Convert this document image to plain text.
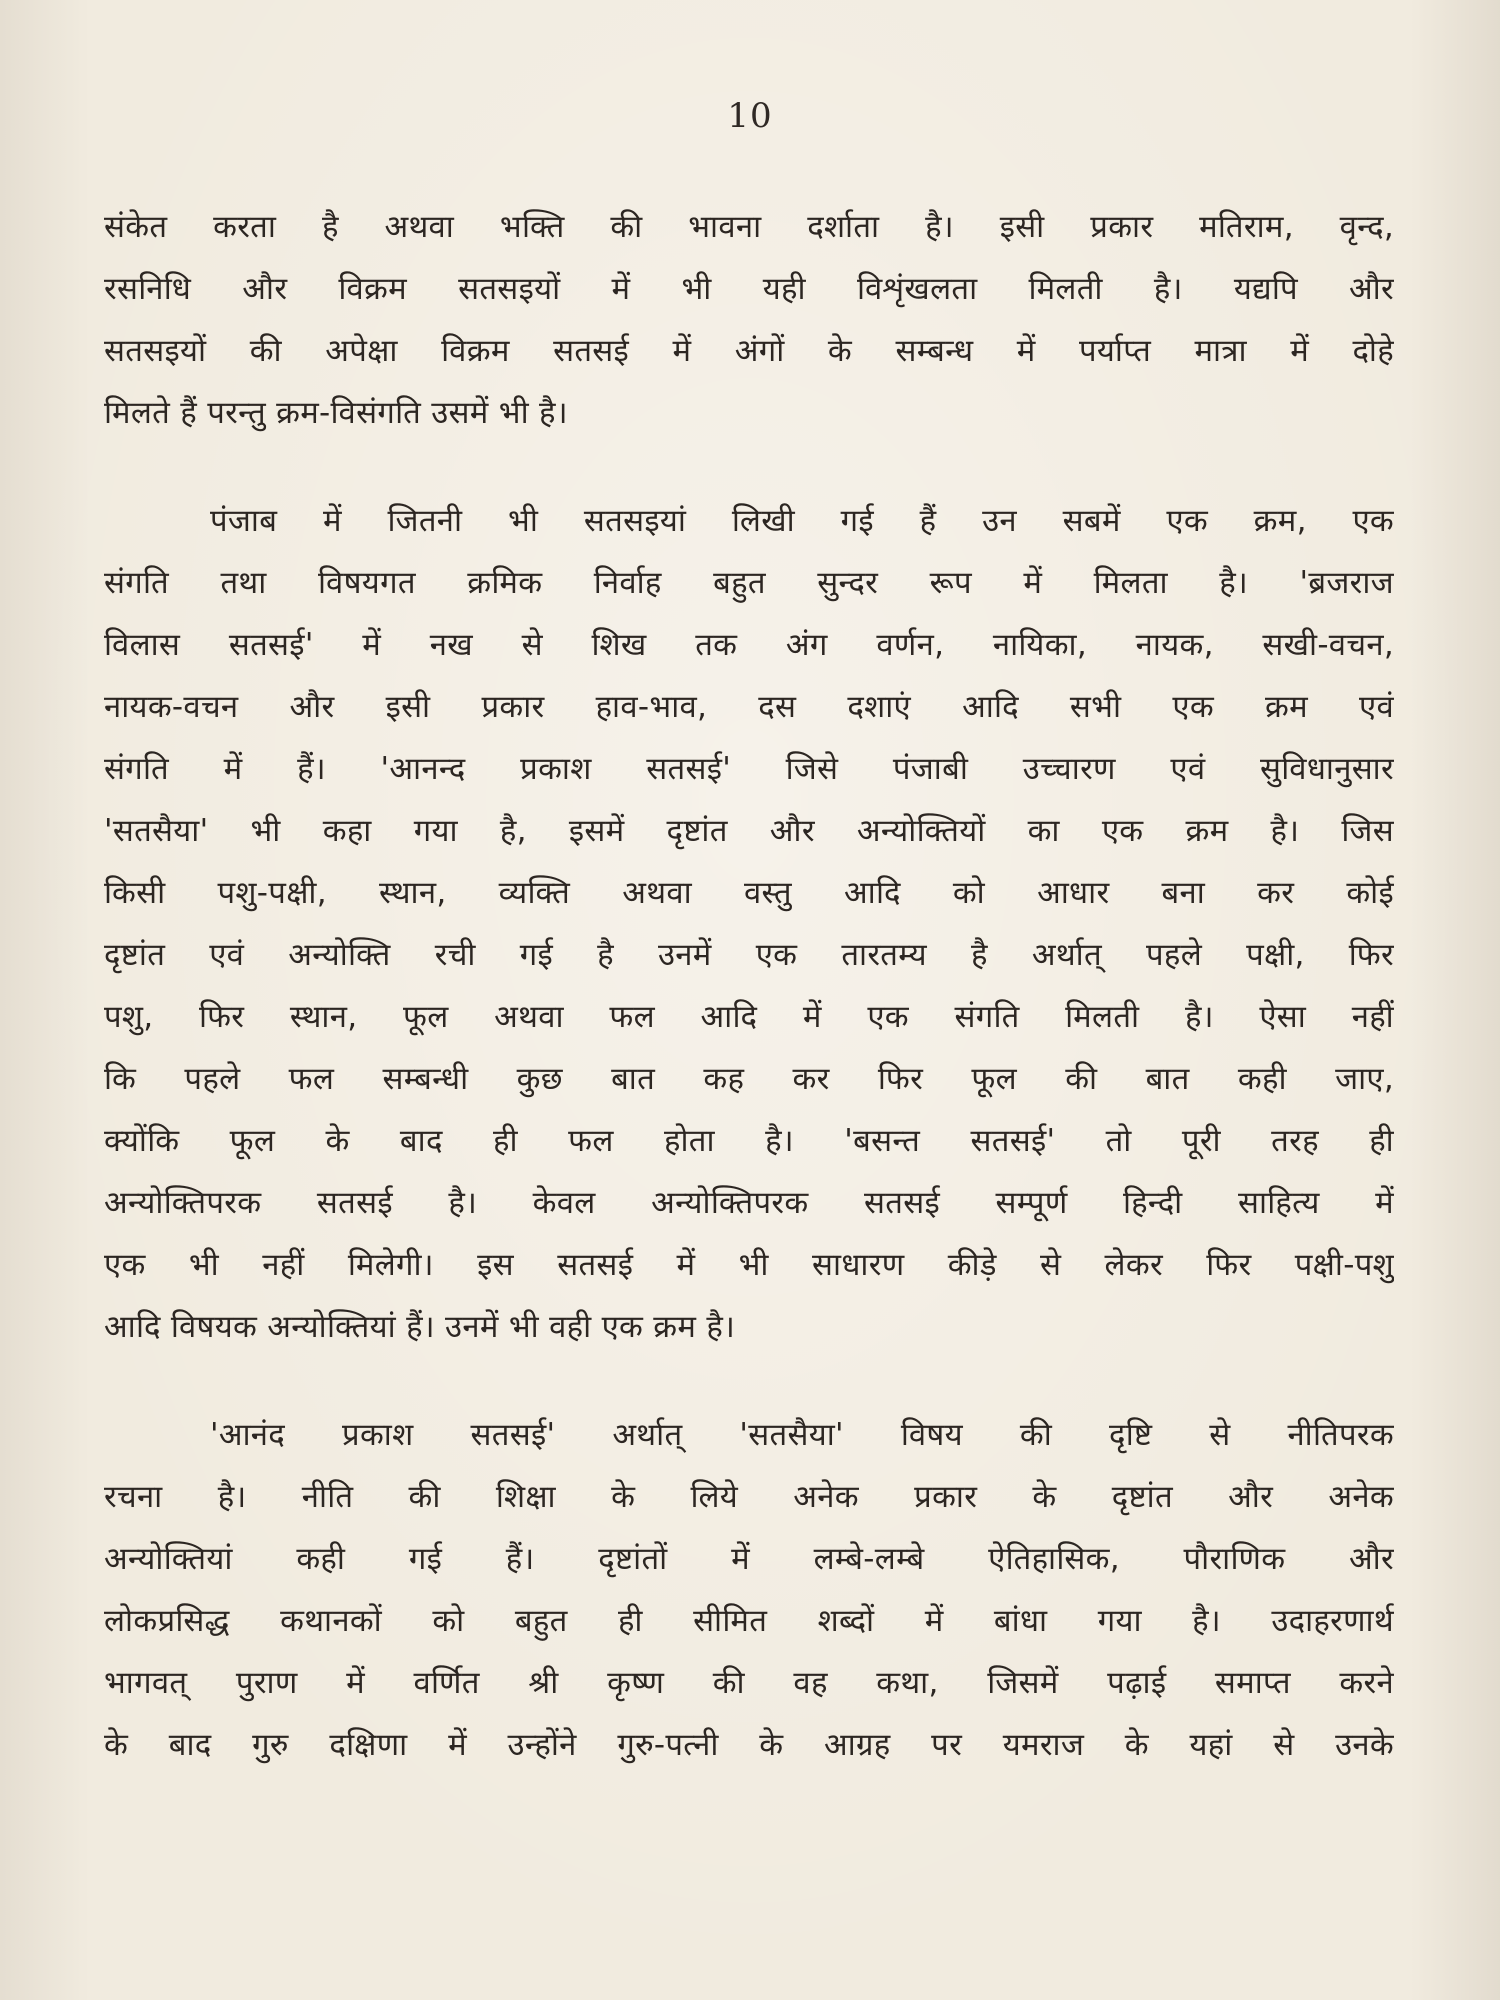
10
संकेत करता है अथवा भक्ति की भावना दर्शाता है। इसी प्रकार मतिराम, वृन्द,
रसनिधि और विक्रम सतसइयों में भी यही विशृंखलता मिलती है। यद्यपि और
सतसइयों की अपेक्षा विक्रम सतसई में अंगों के सम्बन्ध में पर्याप्त मात्रा में दोहे
मिलते हैं परन्तु क्रम-विसंगति उसमें भी है।
पंजाब में जितनी भी सतसइयां लिखी गई हैं उन सबमें एक क्रम, एक
संगति तथा विषयगत क्रमिक निर्वाह बहुत सुन्दर रूप में मिलता है। 'ब्रजराज
विलास सतसई' में नख से शिख तक अंग वर्णन, नायिका, नायक, सखी-वचन,
नायक-वचन और इसी प्रकार हाव-भाव, दस दशाएं आदि सभी एक क्रम एवं
संगति में हैं। 'आनन्द प्रकाश सतसई' जिसे पंजाबी उच्चारण एवं सुविधानुसार
'सतसैया' भी कहा गया है, इसमें दृष्टांत और अन्योक्तियों का एक क्रम है। जिस
किसी पशु-पक्षी, स्थान, व्यक्ति अथवा वस्तु आदि को आधार बना कर कोई
दृष्टांत एवं अन्योक्ति रची गई है उनमें एक तारतम्य है अर्थात् पहले पक्षी, फिर
पशु, फिर स्थान, फूल अथवा फल आदि में एक संगति मिलती है। ऐसा नहीं
कि पहले फल सम्बन्धी कुछ बात कह कर फिर फूल की बात कही जाए,
क्योंकि फूल के बाद ही फल होता है। 'बसन्त सतसई' तो पूरी तरह ही
अन्योक्तिपरक सतसई है। केवल अन्योक्तिपरक सतसई सम्पूर्ण हिन्दी साहित्य में
एक भी नहीं मिलेगी। इस सतसई में भी साधारण कीड़े से लेकर फिर पक्षी-पशु
आदि विषयक अन्योक्तियां हैं। उनमें भी वही एक क्रम है।
'आनंद प्रकाश सतसई' अर्थात् 'सतसैया' विषय की दृष्टि से नीतिपरक
रचना है। नीति की शिक्षा के लिये अनेक प्रकार के दृष्टांत और अनेक
अन्योक्तियां कही गई हैं। दृष्टांतों में लम्बे-लम्बे ऐतिहासिक, पौराणिक और
लोकप्रसिद्ध कथानकों को बहुत ही सीमित शब्दों में बांधा गया है। उदाहरणार्थ
भागवत् पुराण में वर्णित श्री कृष्ण की वह कथा, जिसमें पढ़ाई समाप्त करने
के बाद गुरु दक्षिणा में उन्होंने गुरु-पत्नी के आग्रह पर यमराज के यहां से उनके
